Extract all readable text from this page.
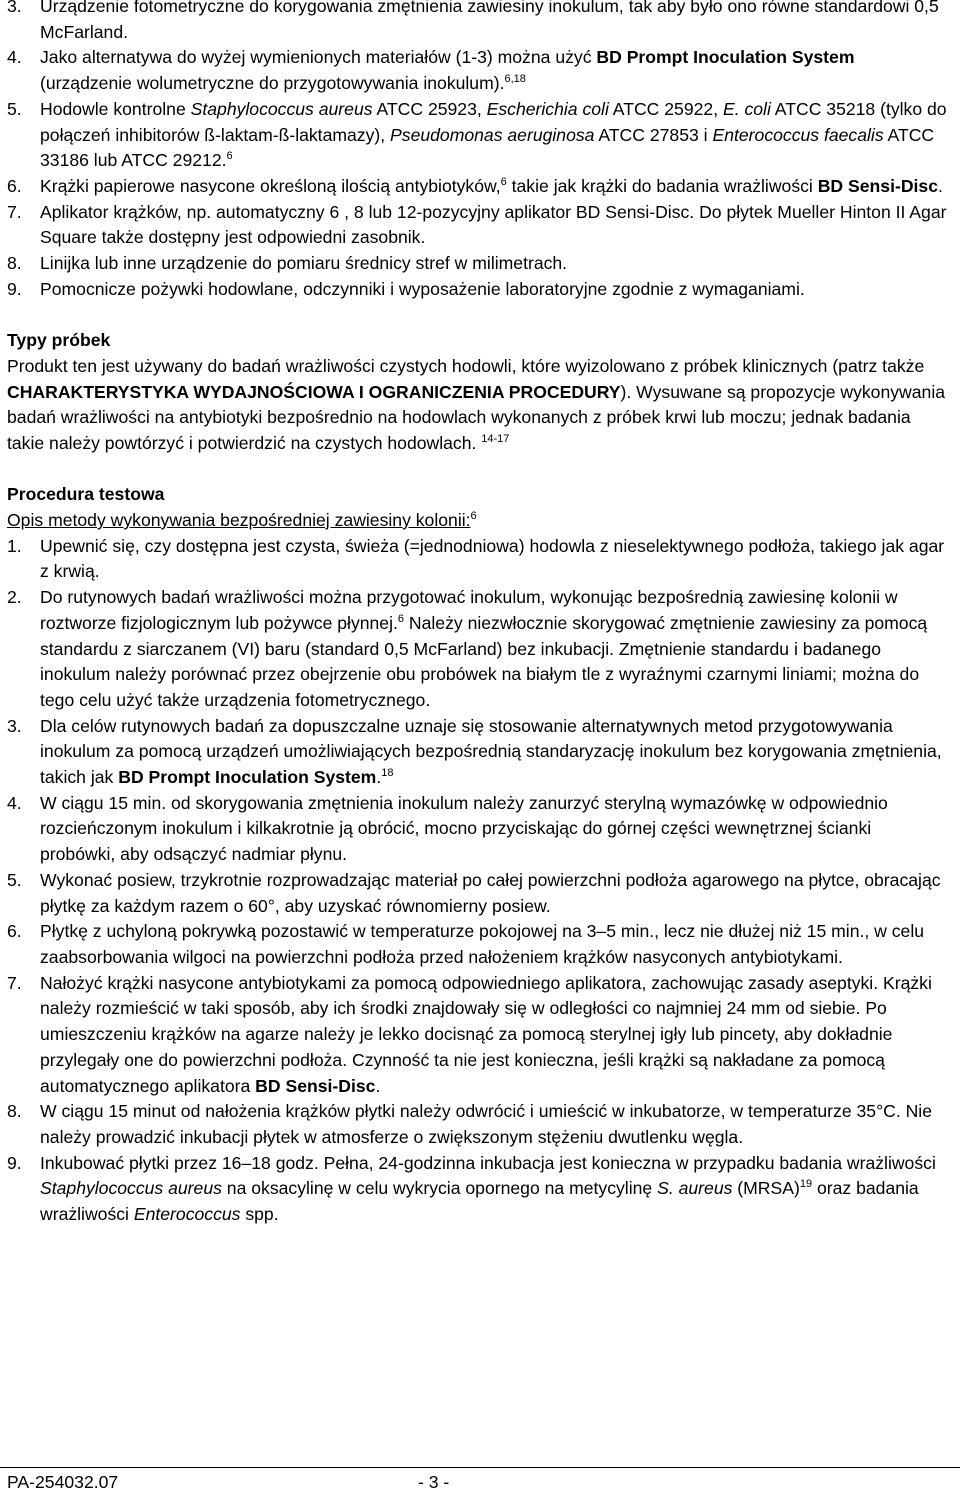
3.	Urządzenie fotometryczne do korygowania zmętnienia zawiesiny inokulum, tak aby było ono równe standardowi 0,5 McFarland.
4.	Jako alternatywa do wyżej wymienionych materiałów (1-3) można użyć BD Prompt Inoculation System (urządzenie wolumetryczne do przygotowywania inokulum).$^{6,18}$
5.	Hodowle kontrolne Staphylococcus aureus ATCC 25923, Escherichia coli ATCC 25922, E. coli ATCC 35218 (tylko do połączeń inhibitorów ß-laktam-ß-laktamazy), Pseudomonas aeruginosa ATCC 27853 i Enterococcus faecalis ATCC 33186 lub ATCC 29212.$^6$
6.	Krążki papierowe nasycone określoną ilością antybiotyków,$^6$ takie jak krążki do badania wrażliwości BD Sensi-Disc.
7.	Aplikator krążków, np. automatyczny 6 , 8 lub 12-pozycyjny aplikator BD Sensi-Disc. Do płytek Mueller Hinton II Agar Square także dostępny jest odpowiedni zasobnik.
8.	Linijka lub inne urządzenie do pomiaru średnicy stref w milimetrach.
9.	Pomocnicze pożywki hodowlane, odczynniki i wyposażenie laboratoryjne zgodnie z wymaganiami.

Typy próbek

Produkt ten jest używany do badań wrażliwości czystych hodowli, które wyizolowano z próbek klinicznych (patrz także CHARAKTERYSTYKA WYDAJNOŚCIOWA I OGRANICZENIA PROCEDURY). Wysuwane są propozycje wykonywania badań wrażliwości na antybiotyki bezpośrednio na hodowlach wykonanych z próbek krwi lub moczu; jednak badania takie należy powtórzyć i potwierdzić na czystych hodowlach. $^{14-17}$

Procedura testowa

Opis metody wykonywania bezpośredniej zawiesiny kolonii:$^6$

1.	Upewnić się, czy dostępna jest czysta, świeża (=jednodniowa) hodowla z nieselektywnego podłoża, takiego jak agar z krwią.
2.	Do rutynowych badań wrażliwości można przygotować inokulum, wykonując bezpośrednią zawiesinę kolonii w roztworze fizjologicznym lub pożywce płynnej.$^6$ Należy niezwłocznie skorygować zmętnienie zawiesiny za pomocą standardu z siarczanem (VI) baru (standard 0,5 McFarland) bez inkubacji. Zmętnienie standardu i badanego inokulum należy porównać przez obejrzenie obu probówek na białym tle z wyraźnymi czarnymi liniami; można do tego celu użyć także urządzenia fotometrycznego.
3.	Dla celów rutynowych badań za dopuszczalne uznaje się stosowanie alternatywnych metod przygotowywania inokulum za pomocą urządzeń umożliwiających bezpośrednią standaryzację inokulum bez korygowania zmętnienia, takich jak BD Prompt Inoculation System.$^{18}$
4.	W ciągu 15 min. od skorygowania zmętnienia inokulum należy zanurzyć sterylną wymazówkę w odpowiednio rozcieńczonym inokulum i kilkakrotnie ją obrócić, mocno przyciskając do górnej części wewnętrznej ścianki probówki, aby odsączyć nadmiar płynu.
5.	Wykonać posiew, trzykrotnie rozprowadzając materiał po całej powierzchni podłoża agarowego na płytce, obracając płytkę za każdym razem o 60°, aby uzyskać równomierny posiew.
6.	Płytkę z uchyloną pokrywką pozostawić w temperaturze pokojowej na 3–5 min., lecz nie dłużej niż 15 min., w celu zaabsorbowania wilgoci na powierzchni podłoża przed nałożeniem krążków nasyconych antybiotykami.
7.	Nałożyć krążki nasycone antybiotykami za pomocą odpowiedniego aplikatora, zachowując zasady aseptyki. Krążki należy rozmieścić w taki sposób, aby ich środki znajdowały się w odległości co najmniej 24 mm od siebie. Po umieszczeniu krążków na agarze należy je lekko docisnąć za pomocą sterylnej igły lub pincety, aby dokładnie przylegały one do powierzchni podłoża. Czynność ta nie jest konieczna, jeśli krążki są nakładane za pomocą automatycznego aplikatora BD Sensi-Disc.
8.	W ciągu 15 minut od nałożenia krążków płytki należy odwrócić i umieścić w inkubatorze, w temperaturze 35°C. Nie należy prowadzić inkubacji płytek w atmosferze o zwiększonym stężeniu dwutlenku węgla.
9.	Inkubować płytki przez 16–18 godz. Pełna, 24-godzinna inkubacja jest konieczna w przypadku badania wrażliwości Staphylococcus aureus na oksacylinę w celu wykrycia opornego na metycylinę S. aureus (MRSA)$^{19}$ oraz badania wrażliwości Enterococcus spp.
PA-254032.07	- 3 -
